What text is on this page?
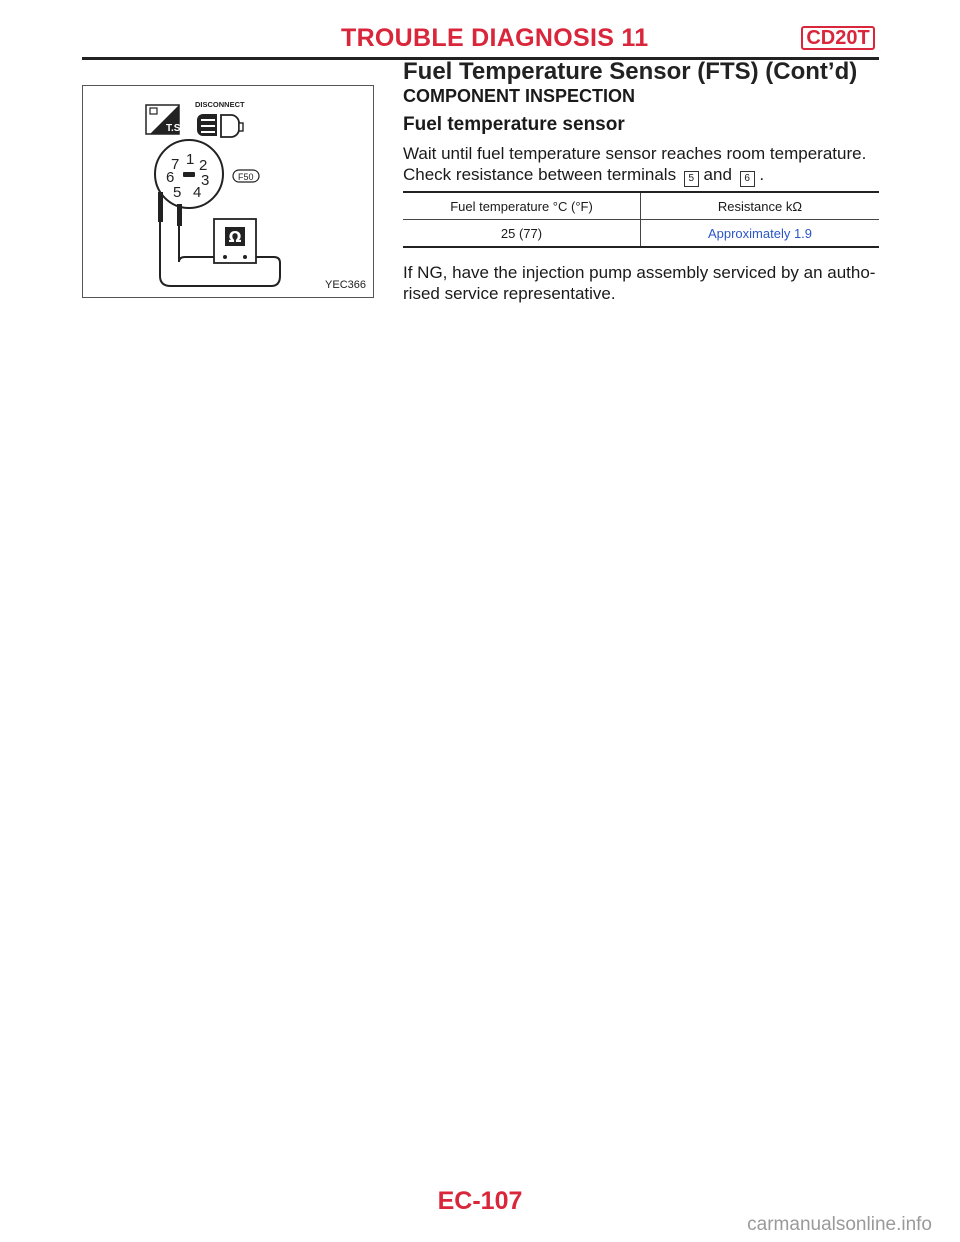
TROUBLE DIAGNOSIS 11	CD20T
Fuel Temperature Sensor (FTS) (Cont’d)
T.S.
DISCONNECT
1 2
3
4
5
6
7
F50
Ω
YEC366
COMPONENT INSPECTION
Fuel temperature sensor
Wait until fuel temperature sensor reaches room temperature.
Check resistance between terminals 5 and 6 .
Fuel temperature °C (°F)	Resistance kΩ
25 (77)	Approximately 1.9
If NG, have the injection pump assembly serviced by an autho-
rised service representative.
EC-107
carmanualsonline.info
